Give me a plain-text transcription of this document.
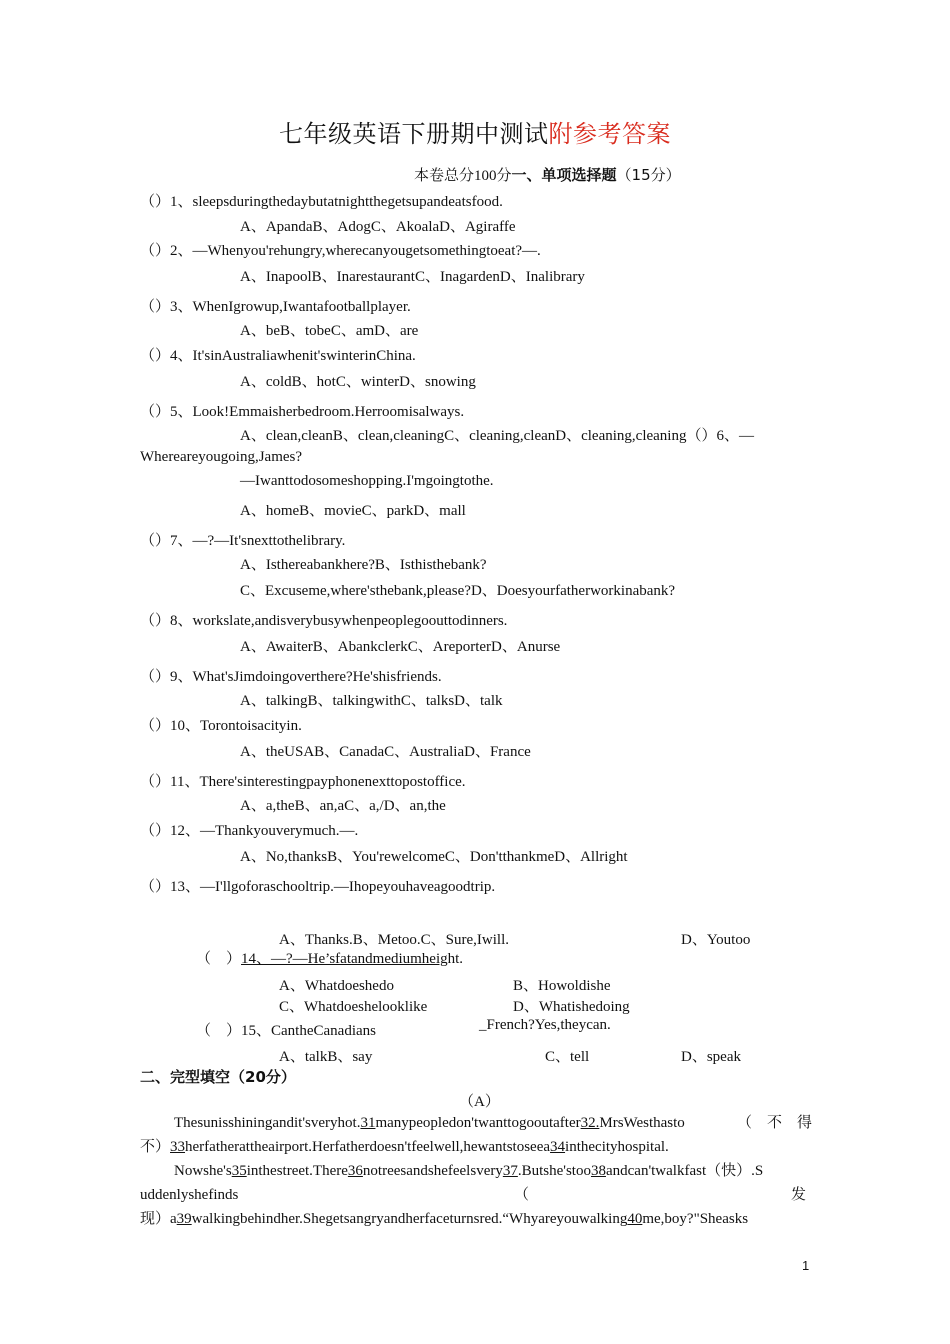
七年级英语下册期中测试附参考答案
本卷总分100分一、单项选择题（15分）
（）1、sleepsduringthedaybutatnightthegetsupandeatsfood.
A、ApandaB、AdogC、AkoalaD、Agiraffe
（）2、—Whenyou'rehungry,wherecanyougetsomethingtoeat?—.
A、InapoolB、InarestaurantC、InagardenD、Inalibrary
（）3、WhenIgrowup,Iwantafootballplayer.
A、beB、tobeC、amD、are
（）4、It'sinAustraliawhenit'swinterinChina.
A、coldB、hotC、winterD、snowing
（）5、Look!Emmaisherbedroom.Herroomisalways.
A、clean,cleanB、clean,cleaningC、cleaning,cleanD、cleaning,cleaning（）6、—
Whereareyougoing,James?
—Iwanttodosomeshopping.I'mgoingtothe.
A、homeB、movieC、parkD、mall
（）7、—?—It'snexttothelibrary.
A、Isthereabankhere?B、Isthisthebank?
C、Excuseme,where'sthebank,please?D、Doesyourfatherworkinabank?
（）8、workslate,andisverybusywhenpeoplegoouttodinners.
A、AwaiterB、AbankclerkC、AreporterD、Anurse
（）9、What'sJimdoingoverthere?He'shisfriends.
A、talkingB、talkingwithC、talksD、talk
（）10、Torontoisacityin.
A、theUSAB、CanadaC、AustraliaD、France
（）11、There'sinterestingpayphonenexttopostoffice.
A、a,theB、an,aC、a,/D、an,the
（）12、—Thankyouverymuch.—.
A、No,thanksB、You'rewelcomeC、Don'tthankmeD、Allright
（）13、—I'llgoforaschooltrip.—Ihopeyouhaveagoodtrip.
A、Thanks.B、Metoo.C、Sure,Iwill.	D、Youtoo
（　）14、—?—He’sfatandmediumheight.
A、Whatdoeshedo	B、Howoldishe
C、Whatdoeshelooklike	D、Whatishedoing
（　）15、CantheCanadians	_French?Yes,theycan.
A、talkB、say	C、tell	D、speak
二、完型填空（20分）
（A）
Thesunisshiningandit'sveryhot.31manypeopledon'twanttogooutafter32.MrsWesthasto	（　不　得
不）33herfatherattheairport.Herfatherdoesn'tfeelwell,hewantstoseea34inthecityhospital.
Nowshe's35inthestreet.There36notreesandshefeelsvery37.Butshe'stoo38andcan'twalkfast（快）.S
uddenlyshefinds	（	发
现）a39walkingbehindher.Shegetsangryandherfaceturnsred.“Whyareyouwalking40me,boy?"Sheasks
1
